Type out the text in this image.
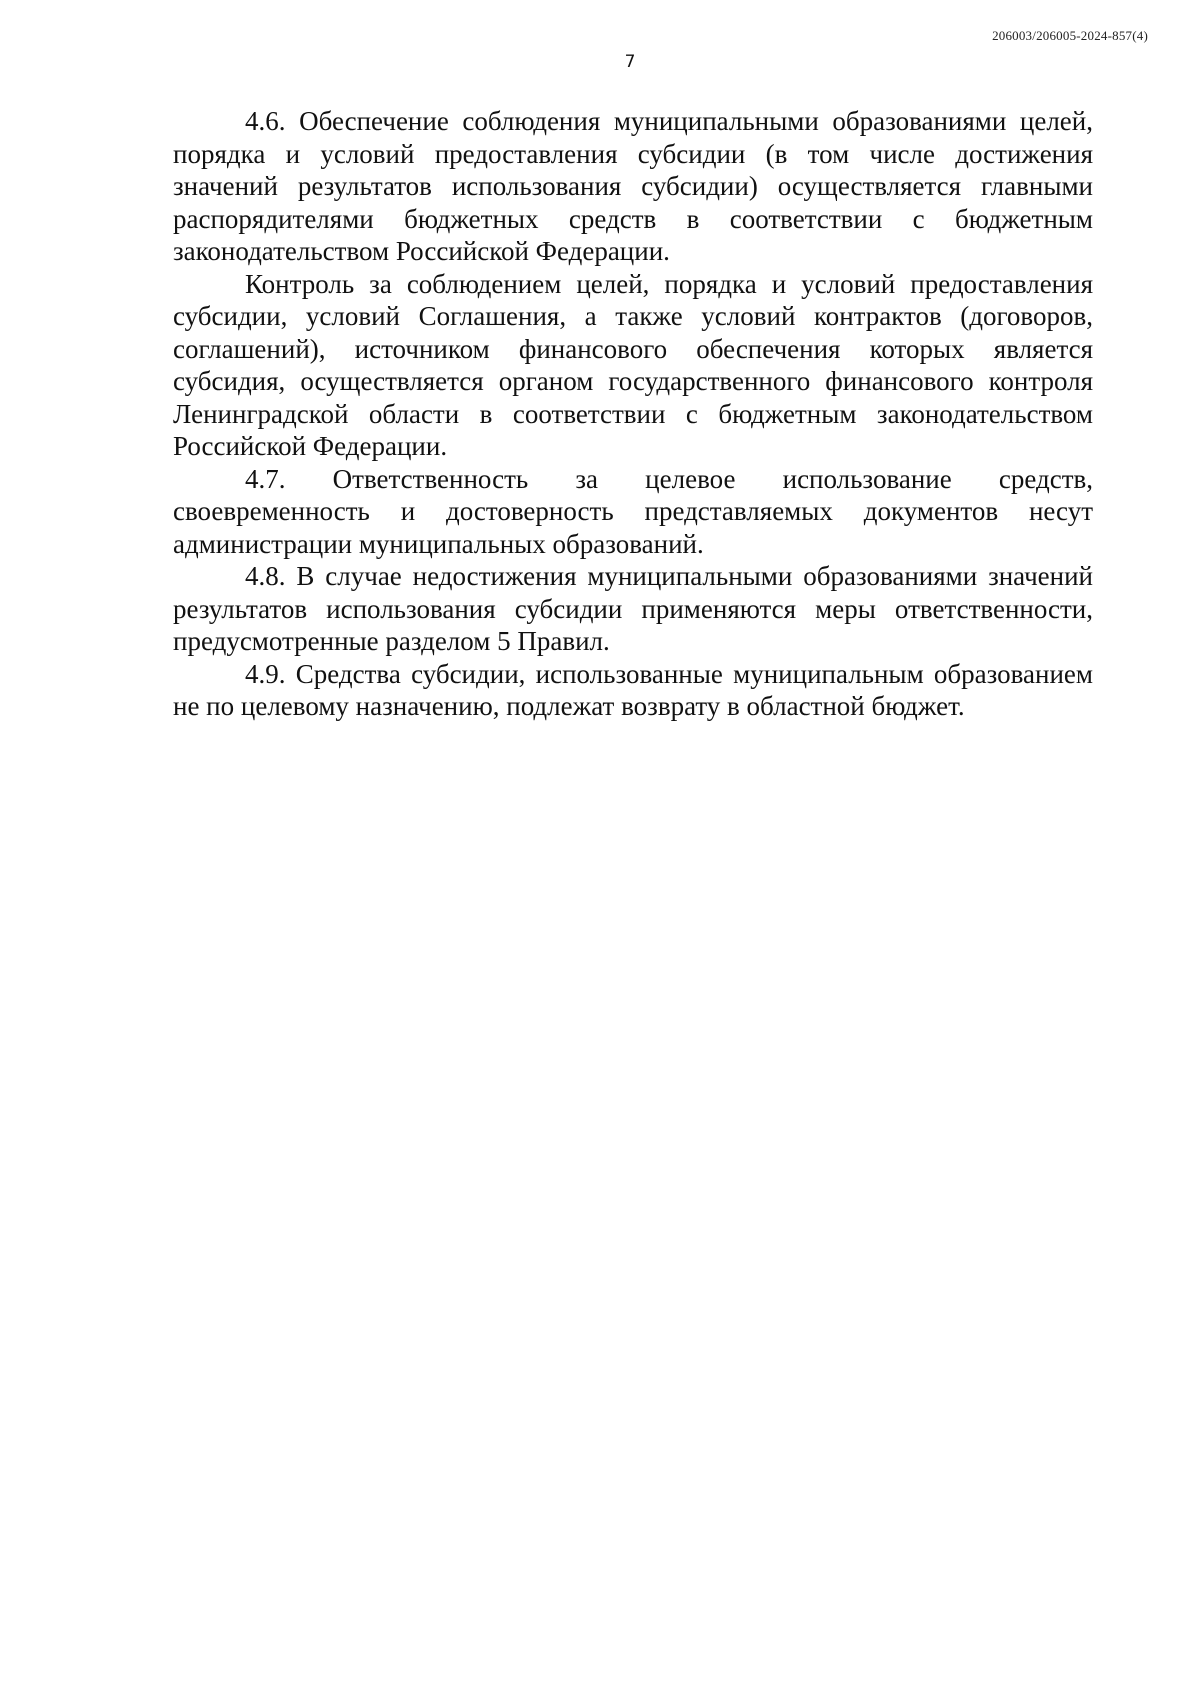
206003/206005-2024-857(4)
7

4.6. Обеспечение соблюдения муниципальными образованиями целей, порядка и условий предоставления субсидии (в том числе достижения значений результатов использования субсидии) осуществляется главными распорядителями бюджетных средств в соответствии с бюджетным законодательством Российской Федерации.

Контроль за соблюдением целей, порядка и условий предоставления субсидии, условий Соглашения, а также условий контрактов (договоров, соглашений), источником финансового обеспечения которых является субсидия, осуществляется органом государственного финансового контроля Ленинградской области в соответствии с бюджетным законодательством Российской Федерации.

4.7. Ответственность за целевое использование средств, своевременность и достоверность представляемых документов несут администрации муниципальных образований.

4.8. В случае недостижения муниципальными образованиями значений результатов использования субсидии применяются меры ответственности, предусмотренные разделом 5 Правил.

4.9. Средства субсидии, использованные муниципальным образованием не по целевому назначению, подлежат возврату в областной бюджет.
